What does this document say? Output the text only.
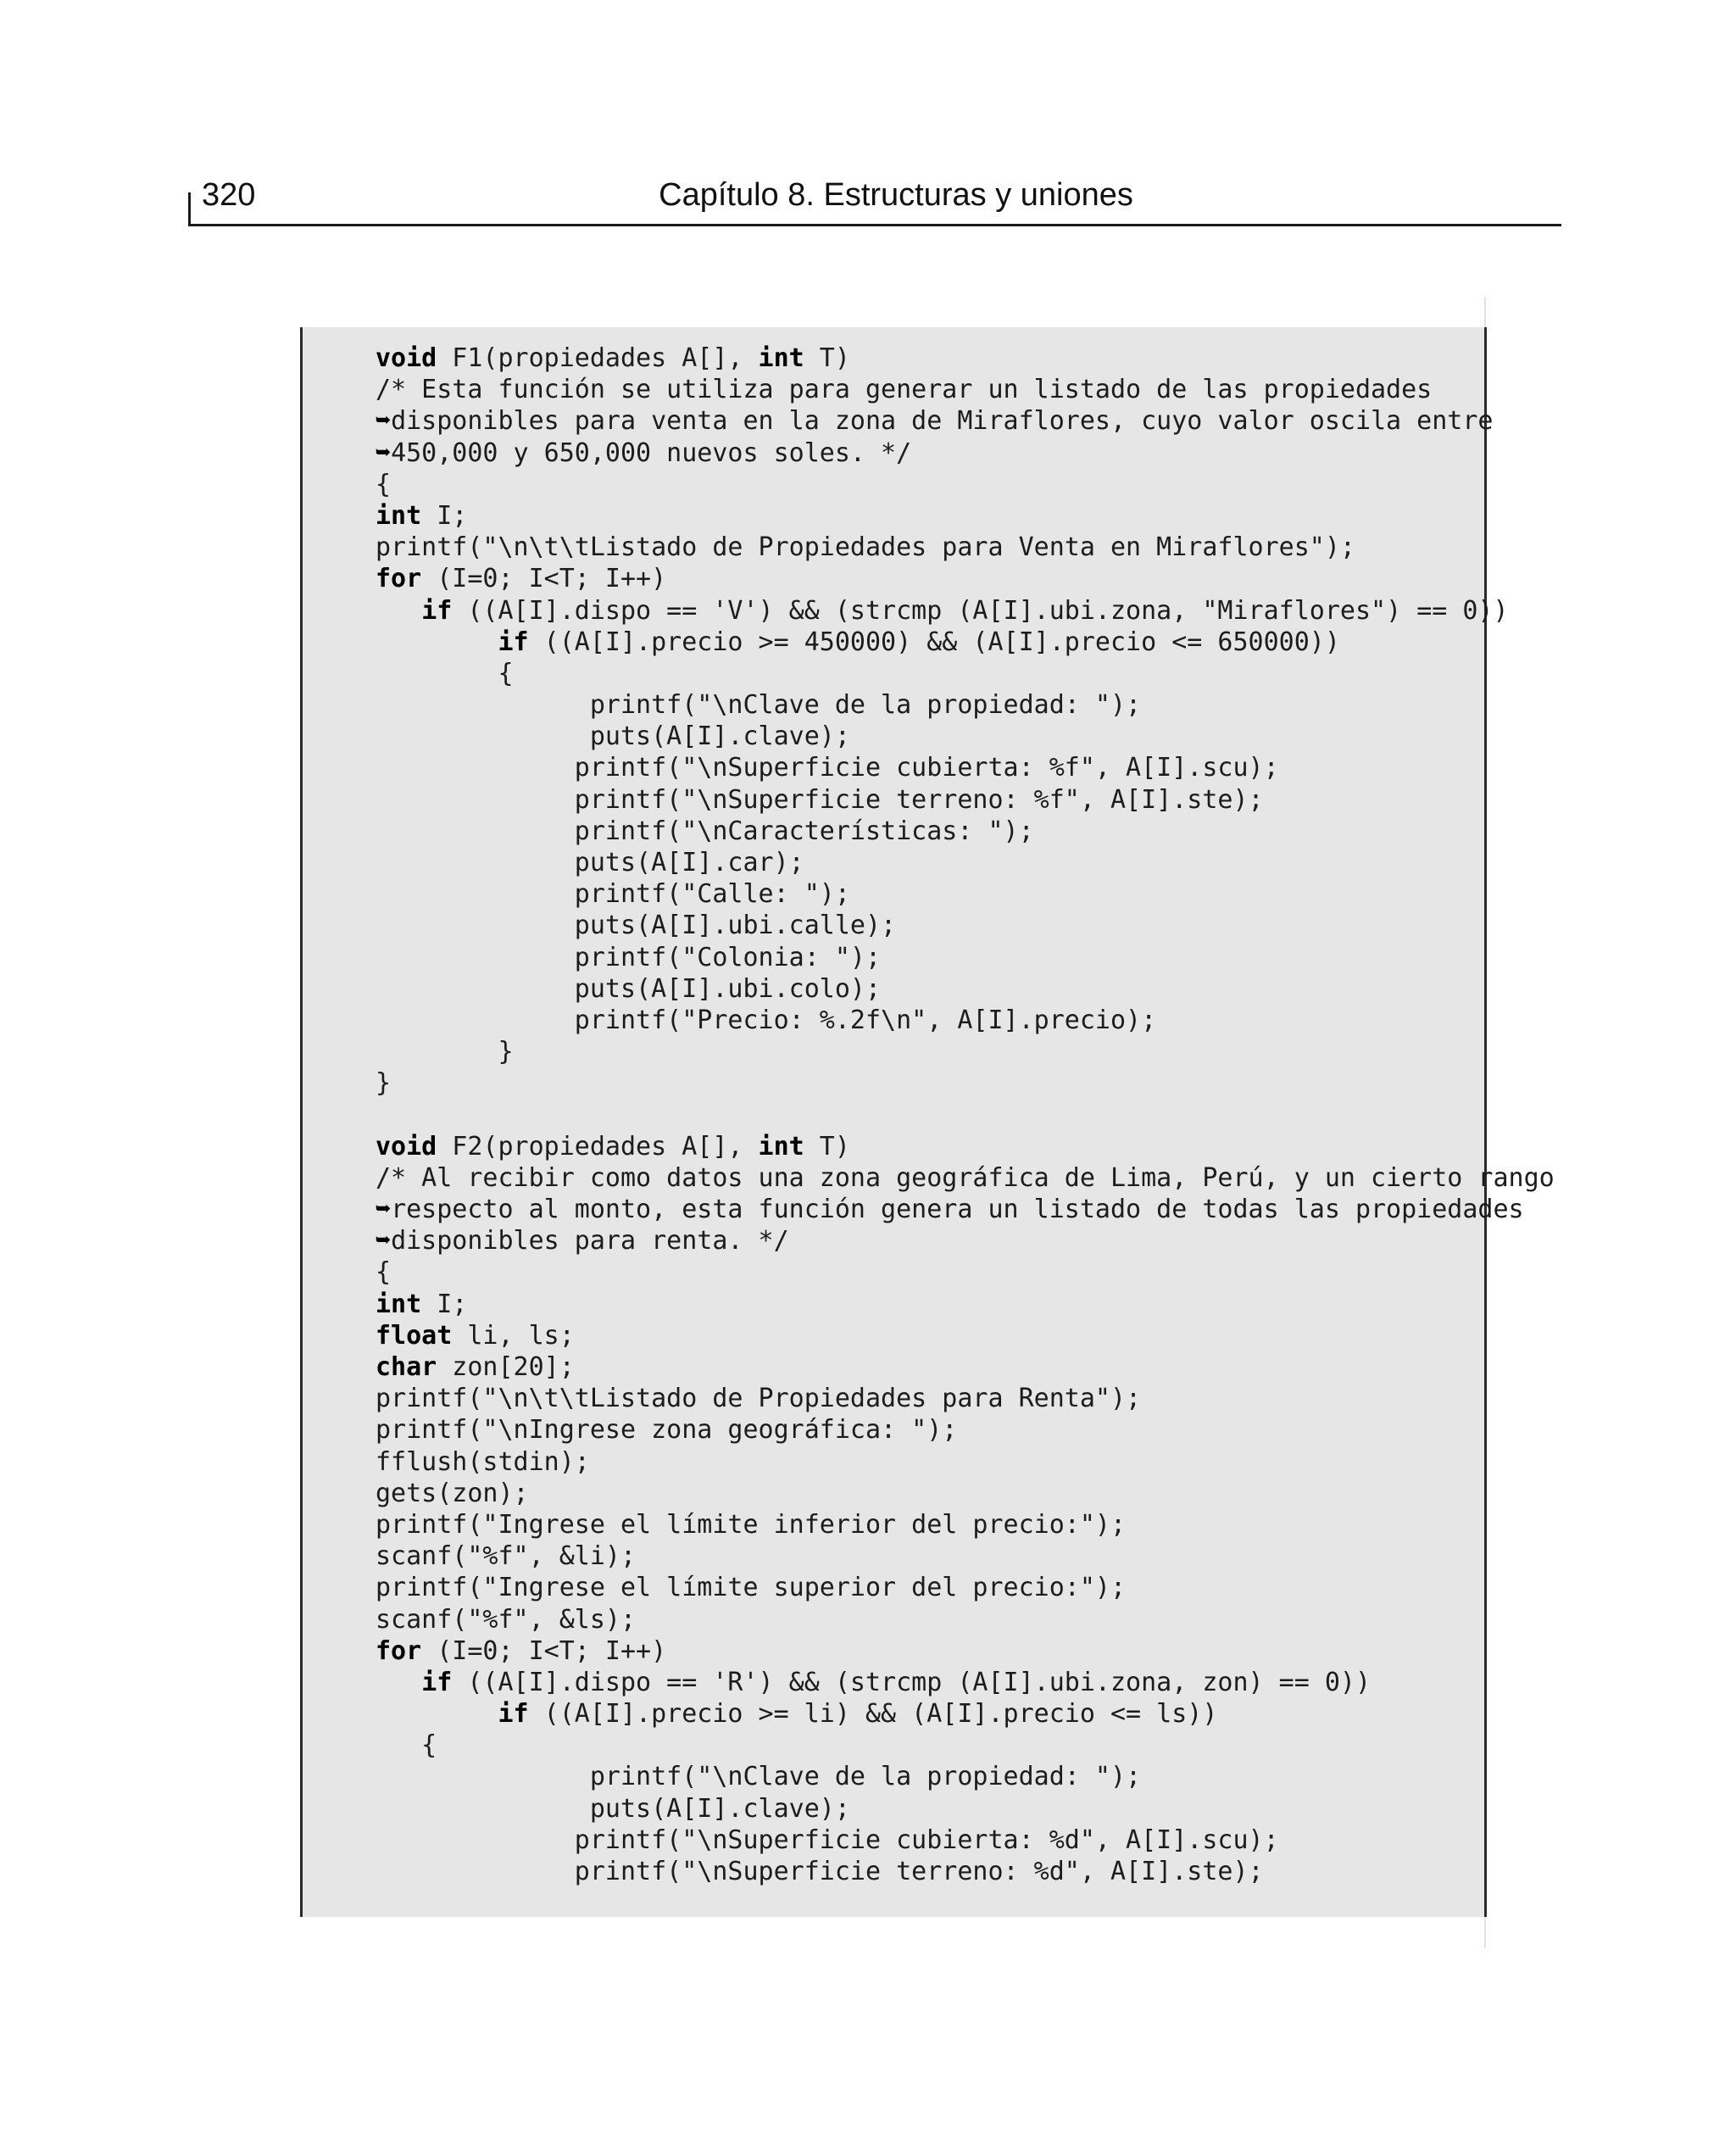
320	Capítulo 8. Estructuras y uniones
void F1(propiedades A[], int T)
/* Esta función se utiliza para generar un listado de las propiedades
➥disponibles para venta en la zona de Miraflores, cuyo valor oscila entre
➥450,000 y 650,000 nuevos soles. */
{
int I;
printf("\n\t\tListado de Propiedades para Venta en Miraflores");
for (I=0; I<T; I++)
if ((A[I].dispo == 'V') && (strcmp (A[I].ubi.zona, "Miraflores") == 0))
if ((A[I].precio >= 450000) && (A[I].precio <= 650000))
{
printf("\nClave de la propiedad: ");
puts(A[I].clave);
printf("\nSuperficie cubierta: %f", A[I].scu);
printf("\nSuperficie terreno: %f", A[I].ste);
printf("\nCaracterísticas: ");
puts(A[I].car);
printf("Calle: ");
puts(A[I].ubi.calle);
printf("Colonia: ");
puts(A[I].ubi.colo);
printf("Precio: %.2f\n", A[I].precio);
}
}
void F2(propiedades A[], int T)
/* Al recibir como datos una zona geográfica de Lima, Perú, y un cierto rango
➥respecto al monto, esta función genera un listado de todas las propiedades
➥disponibles para renta. */
{
int I;
float li, ls;
char zon[20];
printf("\n\t\tListado de Propiedades para Renta");
printf("\nIngrese zona geográfica: ");
fflush(stdin);
gets(zon);
printf("Ingrese el límite inferior del precio:");
scanf("%f", &li);
printf("Ingrese el límite superior del precio:");
scanf("%f", &ls);
for (I=0; I<T; I++)
if ((A[I].dispo == 'R') && (strcmp (A[I].ubi.zona, zon) == 0))
if ((A[I].precio >= li) && (A[I].precio <= ls))
{
printf("\nClave de la propiedad: ");
puts(A[I].clave);
printf("\nSuperficie cubierta: %d", A[I].scu);
printf("\nSuperficie terreno: %d", A[I].ste);
